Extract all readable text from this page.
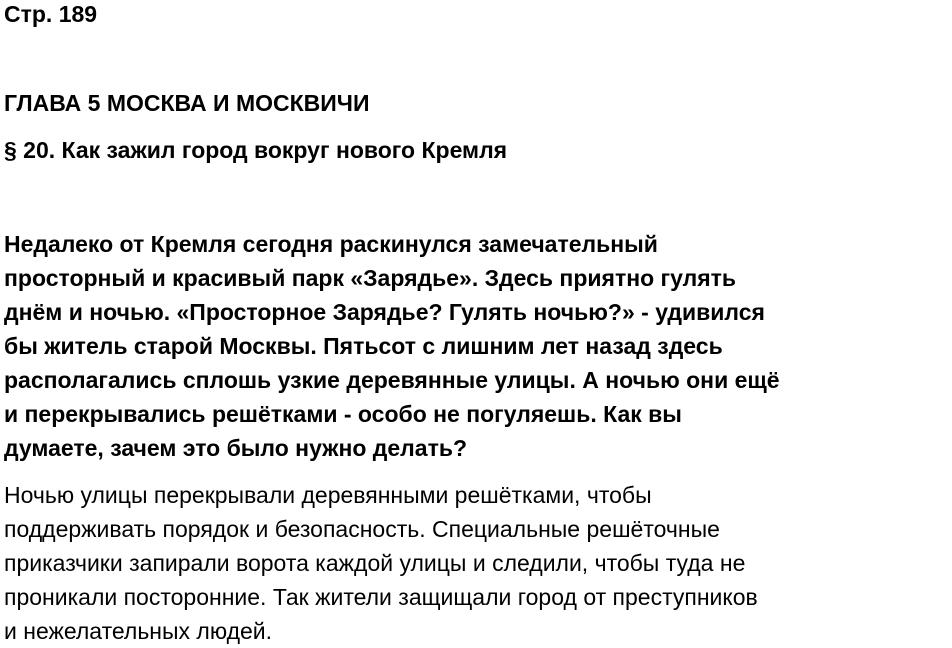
Стр. 189
ГЛАВА 5 МОСКВА И МОСКВИЧИ
§ 20. Как зажил город вокруг нового Кремля
Недалеко от Кремля сегодня раскинулся замечательный
просторный и красивый парк «Зарядье». Здесь приятно гулять
днём и ночью. «Просторное Зарядье? Гулять ночью?» - удивился
бы житель старой Москвы. Пятьсот с лишним лет назад здесь
располагались сплошь узкие деревянные улицы. А ночью они ещё
и перекрывались решётками - особо не погуляешь. Как вы
думаете, зачем это было нужно делать?
Ночью улицы перекрывали деревянными решётками, чтобы
поддерживать порядок и безопасность. Специальные решёточные
приказчики запирали ворота каждой улицы и следили, чтобы туда не
проникали посторонние. Так жители защищали город от преступников
и нежелательных людей.
